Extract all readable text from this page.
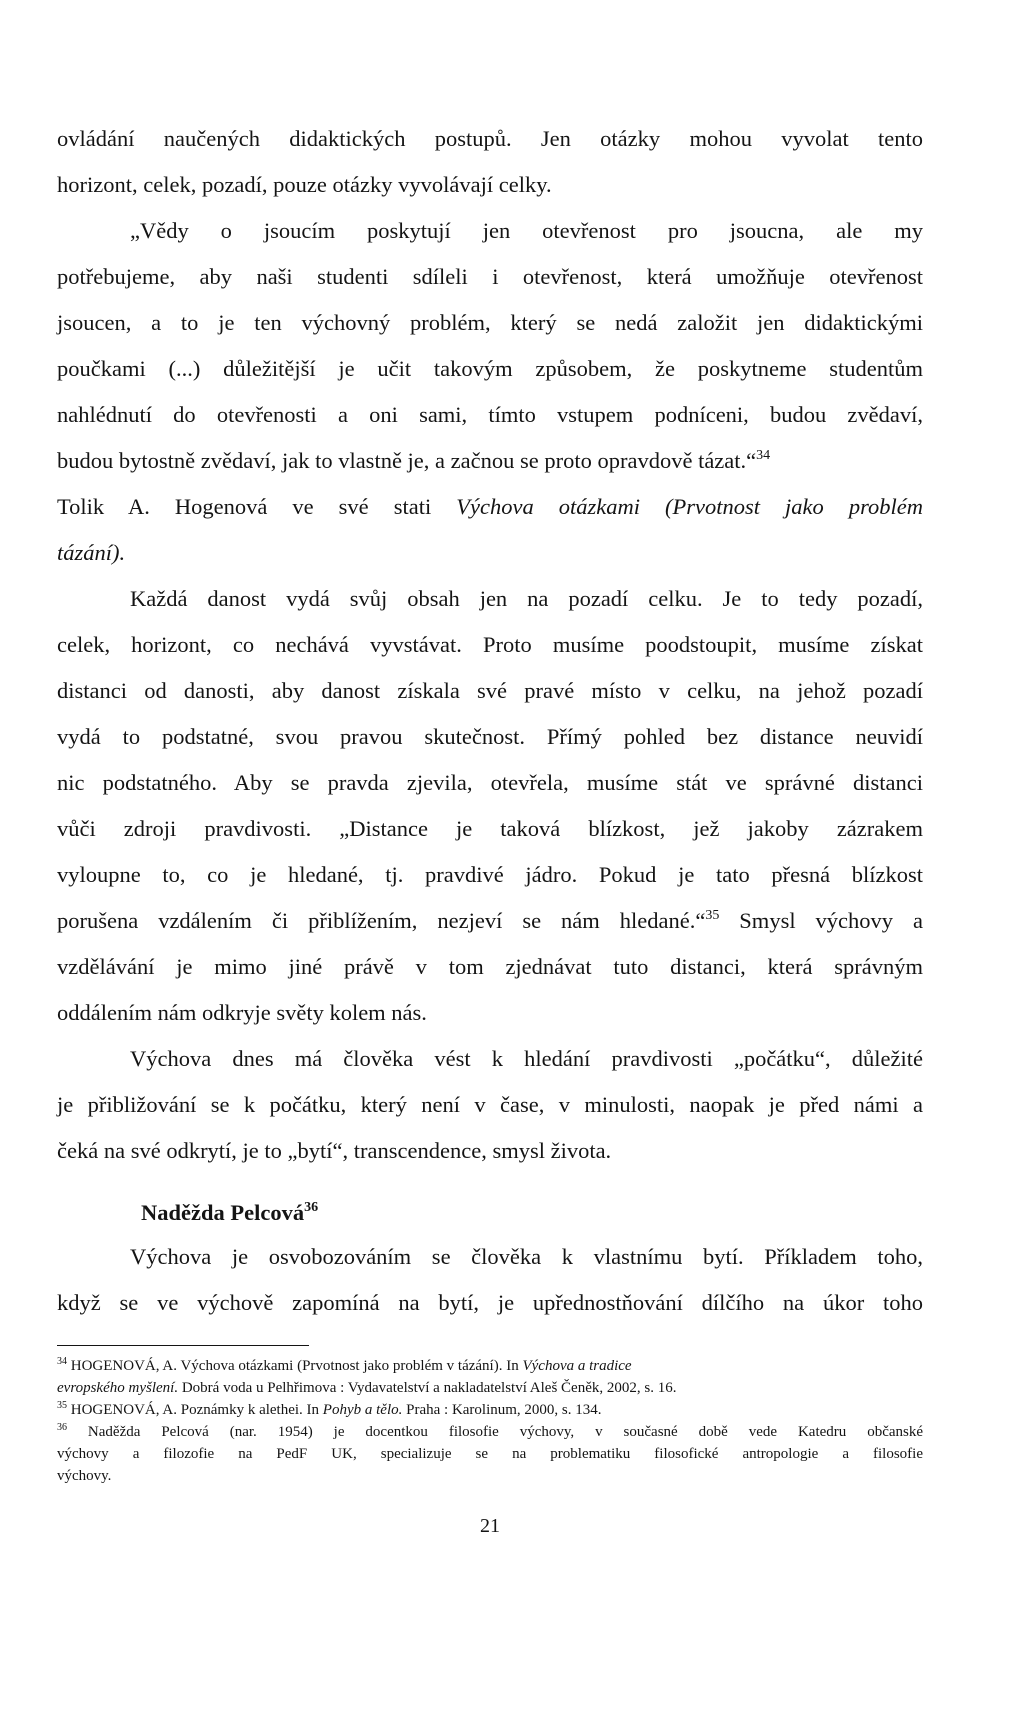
ovládání naučených didaktických postupů. Jen otázky mohou vyvolat tento
horizont, celek, pozadí, pouze otázky vyvolávají celky.
„Vědy o jsoucím poskytují jen otevřenost pro jsoucna, ale my
potřebujeme, aby naši studenti sdíleli i otevřenost, která umožňuje otevřenost
jsoucen, a to je ten výchovný problém, který se nedá založit jen didaktickými
poučkami (...) důležitější je učit takovým způsobem, že poskytneme studentům
nahlédnutí do otevřenosti a oni sami, tímto vstupem podníceni, budou zvědaví,
budou bytostně zvědaví, jak to vlastně je, a začnou se proto opravdově tázat.“$^{34}$
Tolik A. Hogenová ve své stati Výchova otázkami (Prvotnost jako problém
tázání).
Každá danost vydá svůj obsah jen na pozadí celku. Je to tedy pozadí,
celek, horizont, co nechává vyvstávat. Proto musíme poodstoupit, musíme získat
distanci od danosti, aby danost získala své pravé místo v celku, na jehož pozadí
vydá to podstatné, svou pravou skutečnost. Přímý pohled bez distance neuvidí
nic podstatného. Aby se pravda zjevila, otevřela, musíme stát ve správné distanci
vůči zdroji pravdivosti. „Distance je taková blízkost, jež jakoby zázrakem
vyloupne to, co je hledané, tj. pravdivé jádro. Pokud je tato přesná blízkost
porušena vzdálením či přiblížením, nezjeví se nám hledané.“$^{35}$ Smysl výchovy a
vzdělávání je mimo jiné právě v tom zjednávat tuto distanci, která správným
oddálením nám odkryje světy kolem nás.
Výchova dnes má člověka vést k hledání pravdivosti „počátku“, důležité
je přibližování se k počátku, který není v čase, v minulosti, naopak je před námi a
čeká na své odkrytí, je to „bytí“, transcendence, smysl života.
Naděžda Pelcová$^{36}$
Výchova je osvobozováním se člověka k vlastnímu bytí. Příkladem toho,
když se ve výchově zapomíná na bytí, je upřednostňování dílčího na úkor toho
$^{34}$ HOGENOVÁ, A. Výchova otázkami (Prvotnost jako problém v tázání). In Výchova a tradice
evropského myšlení. Dobrá voda u Pelhřimova : Vydavatelství a nakladatelství Aleš Čeněk, 2002, s. 16.
$^{35}$ HOGENOVÁ, A. Poznámky k alethei. In Pohyb a tělo. Praha : Karolinum, 2000, s. 134.
$^{36}$ Naděžda Pelcová (nar. 1954) je docentkou filosofie výchovy, v současné době vede Katedru občanské
výchovy a filozofie na PedF UK, specializuje se na problematiku filosofické antropologie a filosofie
výchovy.
21
